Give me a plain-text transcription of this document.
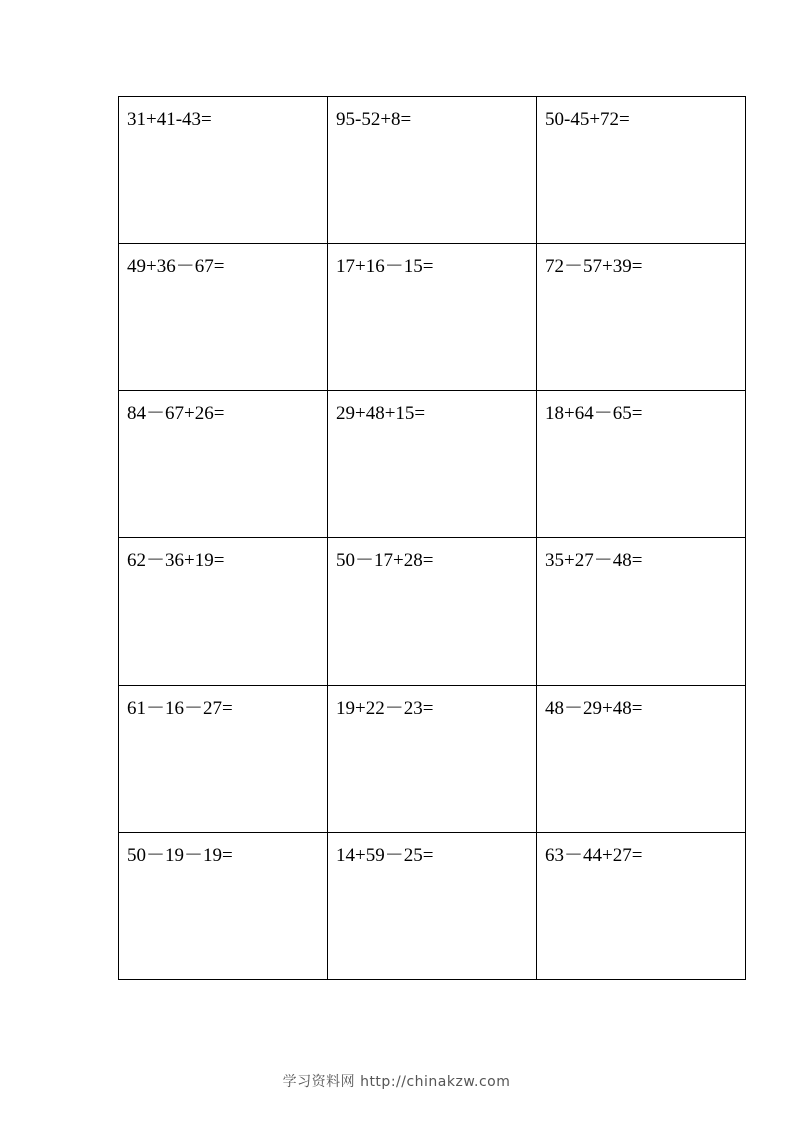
31+41-43=	95-52+8=	50-45+72=
49+36－67=	17+16－15=	72－57+39=
84－67+26=	29+48+15=	18+64－65=
62－36+19=	50－17+28=	35+27－48=
61－16－27=	19+22－23=	48－29+48=
50－19－19=	14+59－25=	63－44+27=
学习资料网 http://chinakzw.com
